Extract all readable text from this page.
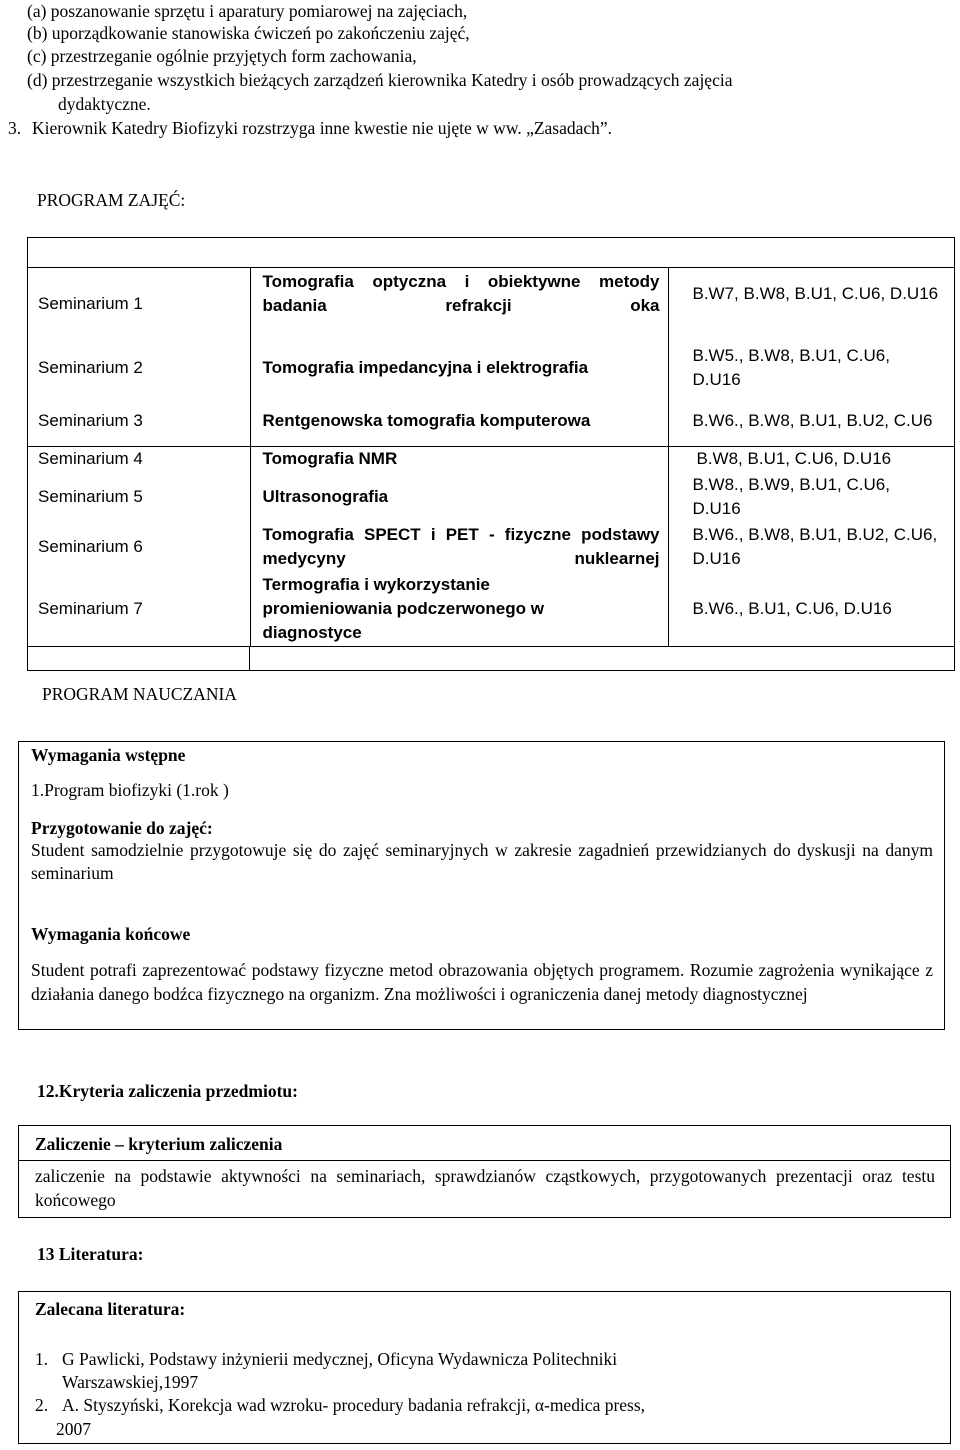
(a) poszanowanie sprzętu i aparatury pomiarowej na zajęciach,
(b) uporządkowanie stanowiska ćwiczeń po zakończeniu zajęć,
(c) przestrzeganie ogólnie przyjętych form zachowania,
(d) przestrzeganie wszystkich bieżących zarządzeń kierownika Katedry i osób prowadzących zajęcia
dydaktyczne.
3. Kierownik Katedry Biofizyki rozstrzyga inne kwestie nie ujęte w ww. „Zasadach”.
PROGRAM ZAJĘĆ:

Seminarium 1	Tomografia optyczna i obiektywne metody badania refrakcji oka	B.W7, B.W8, B.U1, C.U6, D.U16
Seminarium 2	Tomografia impedancyjna i elektrografia	B.W5., B.W8, B.U1, C.U6, D.U16
Seminarium 3	Rentgenowska tomografia komputerowa	B.W6., B.W8, B.U1, B.U2, C.U6
Seminarium 4	Tomografia NMR	B.W8, B.U1, C.U6, D.U16
Seminarium 5	Ultrasonografia	B.W8., B.W9, B.U1, C.U6, D.U16
Seminarium 6	Tomografia SPECT i PET - fizyczne podstawy medycyny nuklearnej	B.W6., B.W8, B.U1, B.U2, C.U6, D.U16
Seminarium 7	Termografia i wykorzystanie promieniowania podczerwonego w diagnostyce	B.W6., B.U1, C.U6, D.U16

PROGRAM NAUCZANIA
Wymagania wstępne
1.Program biofizyki (1.rok )
Przygotowanie do zajęć:
Student samodzielnie przygotowuje się do zajęć seminaryjnych w zakresie zagadnień przewidzianych do dyskusji na danym seminarium
Wymagania końcowe
Student potrafi zaprezentować podstawy fizyczne metod obrazowania objętych programem. Rozumie zagrożenia wynikające z działania danego bodźca fizycznego na organizm. Zna możliwości i ograniczenia danej metody diagnostycznej
12.Kryteria zaliczenia przedmiotu:
Zaliczenie – kryterium zaliczenia
zaliczenie na podstawie aktywności na seminariach, sprawdzianów cząstkowych, przygotowanych prezentacji oraz testu końcowego
13 Literatura:
Zalecana literatura:
1. G Pawlicki, Podstawy inżynierii medycznej, Oficyna Wydawnicza Politechniki
Warszawskiej,1997
2. A. Styszyński, Korekcja wad wzroku- procedury badania refrakcji, α-medica press,
2007
